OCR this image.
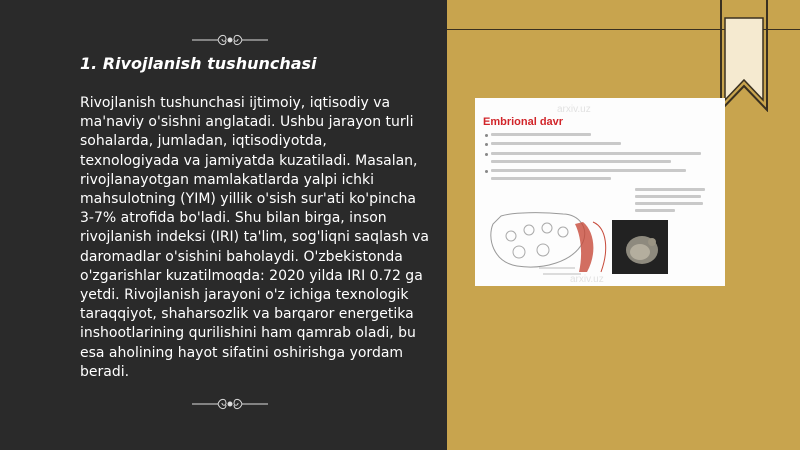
1. Rivojlanish tushunchasi

Rivojlanish tushunchasi ijtimoiy, iqtisodiy va ma'naviy o'sishni anglatadi. Ushbu jarayon turli sohalarda, jumladan, iqtisodiyotda, texnologiyada va jamiyatda kuzatiladi. Masalan, rivojlanayotgan mamlakatlarda yalpi ichki mahsulotning (YIM) yillik o'sish sur'ati ko'pincha 3-7% atrofida bo'ladi. Shu bilan birga, inson rivojlanish indeksi (IRI) ta'lim, sog'liqni saqlash va daromadlar o'sishini baholaydi. O'zbekistonda o'zgarishlar kuzatilmoqda: 2020 yilda IRI 0.72 ga yetdi. Rivojlanish jarayoni o'z ichiga texnologik taraqqiyot, shaharsozlik va barqaror energetika inshootlarining qurilishini ham qamrab oladi, bu esa aholining hayot sifatini oshirishga yordam beradi.

arxiv.uz
Embrional davr
arxiv.uz
